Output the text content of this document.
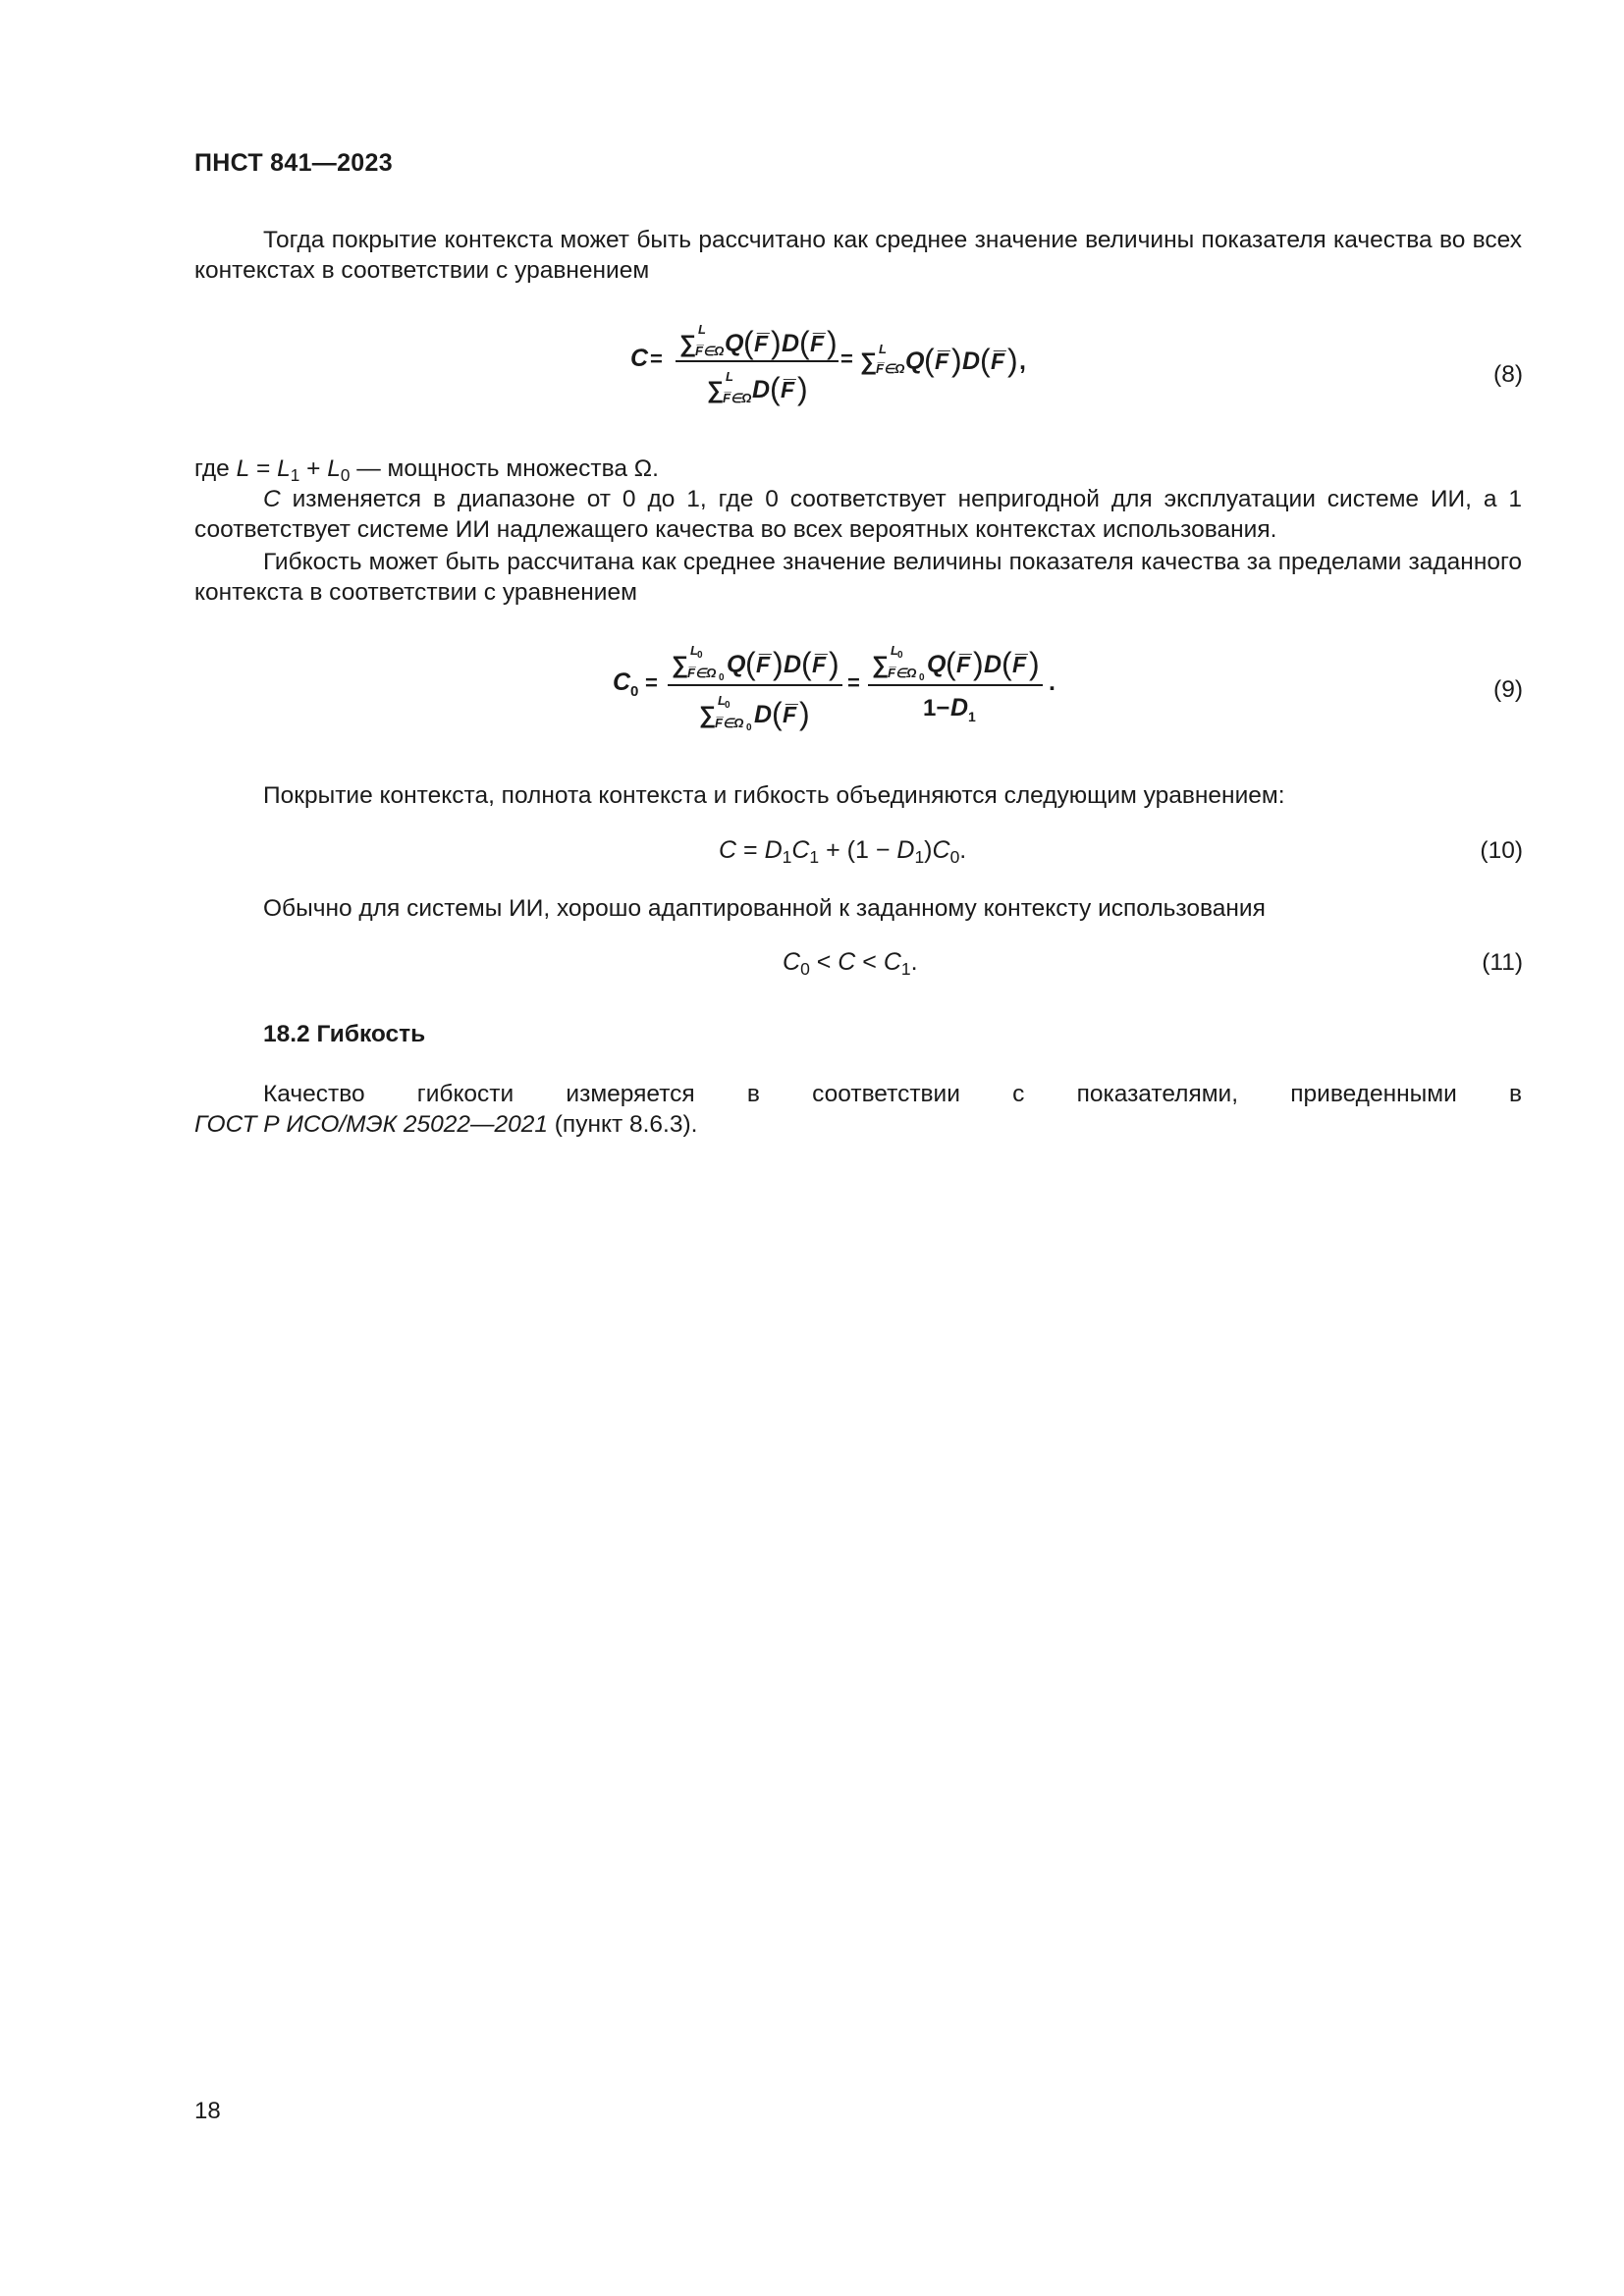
ПНСТ 841—2023
Тогда покрытие контекста может быть рассчитано как среднее значение величины показателя качества во всех контекстах в соответствии с уравнением
C =
∑
L
F̅∈Ω Q ( F̅ ) D ( F̅ )
∑
L
F̅∈Ω D ( F̅ )
= ∑ L
F̅∈Ω Q ( F̅ ) D ( F̅ ) ,	(8)
где $L = L_1 + L_0$ — мощность множества Ω.
C изменяется в диапазоне от 0 до 1, где 0 соответствует непригодной для эксплуатации системе ИИ, а 1 соответствует системе ИИ надлежащего качества во всех вероятных контекстах использования.
Гибкость может быть рассчитана как среднее значение величины показателя качества за пределами заданного контекста в соответствии с уравнением
C 0 =
∑
L 0
F̅∈Ω 0 Q ( F̅ ) D ( F̅ )
∑
L 0
F̅∈Ω 0 D ( F̅ )
=
∑
L 0
F̅∈Ω 0 Q ( F̅ ) D ( F̅ )
1− D 1
.	(9)
Покрытие контекста, полнота контекста и гибкость объединяются следующим уравнением:
$C = D_1C_1 + (1 - D_1)C_0$.	(10)
Обычно для системы ИИ, хорошо адаптированной к заданному контексту использования
$C_0 < C < C_1$.	(11)
18.2 Гибкость
Качество гибкости измеряется в соответствии с показателями, приведенными в
ГОСТ Р ИСО/МЭК 25022—2021 (пункт 8.6.3).
18
